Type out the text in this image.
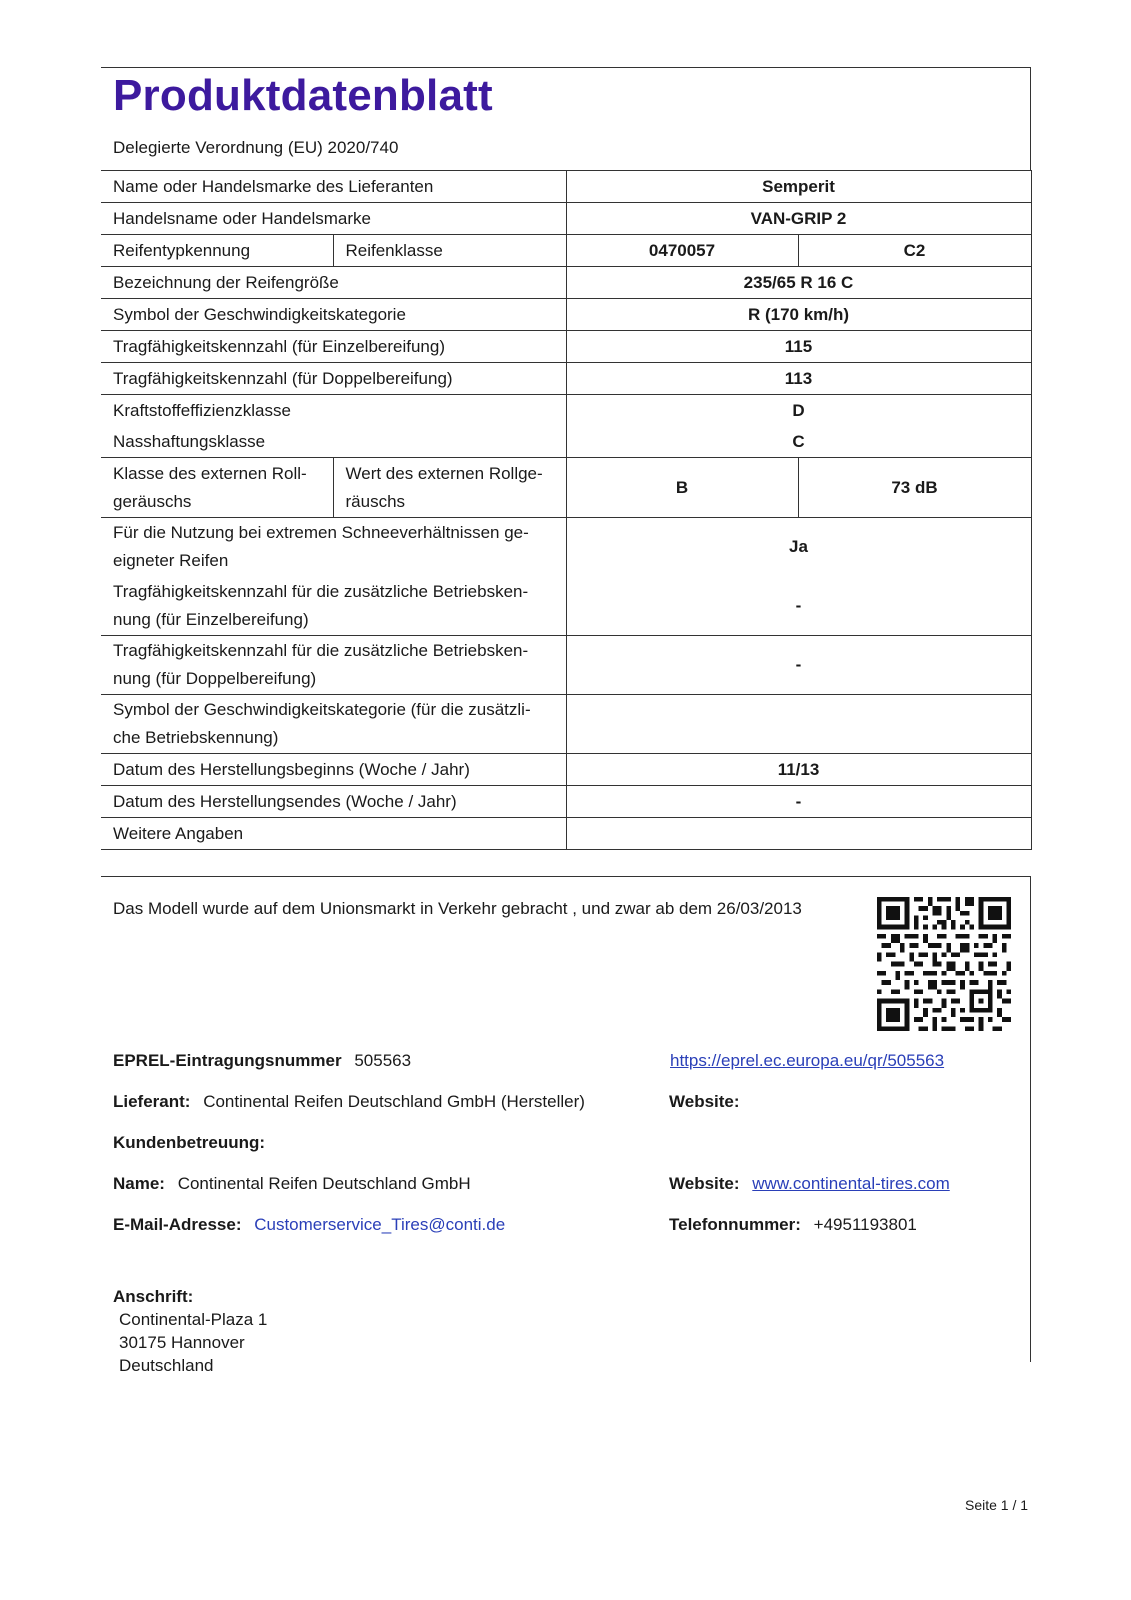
Produktdatenblatt
Delegierte Verordnung (EU) 2020/740
Name oder Handelsmarke des Lieferanten		Semperit	
Handelsname oder Handelsmarke		VAN-GRIP 2	
Reifentypkennung	Reifenklasse	0470057	C2
Bezeichnung der Reifengröße		235/65 R 16 C	
Symbol der Geschwindigkeitskategorie		R (170 km/h)	
Tragfähigkeitskennzahl (für Einzelbereifung)		115	
Tragfähigkeitskennzahl (für Doppelbereifung)		113	
Kraftstoffeffizienzklasse		D	
Nasshaftungsklasse		C	
Klasse des externen Roll-geräuschs	Wert des externen Rollge-räuschs	B	73 dB
Für die Nutzung bei extremen Schneeverhältnissen ge-eigneter Reifen		Ja	
Tragfähigkeitskennzahl für die zusätzliche Betriebsken-nung (für Einzelbereifung)		-	
Tragfähigkeitskennzahl für die zusätzliche Betriebsken-nung (für Doppelbereifung)		-	
Symbol der Geschwindigkeitskategorie (für die zusätzli-che Betriebskennung)			
Datum des Herstellungsbeginns (Woche / Jahr)		11/13	
Datum des Herstellungsendes (Woche / Jahr)		-	
Weitere Angaben			
Das Modell wurde auf dem Unionsmarkt in Verkehr gebracht , und zwar ab dem 26/03/2013
EPREL-Eintragungsnummer 505563	https://eprel.ec.europa.eu/qr/505563
Lieferant: Continental Reifen Deutschland GmbH (Hersteller)	Website:
Kundenbetreuung:
Name: Continental Reifen Deutschland GmbH	Website: www.continental-tires.com
E-Mail-Adresse: Customerservice_Tires@conti.de	Telefonnummer: +4951193801
Anschrift:
Continental-Plaza 1
30175 Hannover
Deutschland
Seite 1 / 1
